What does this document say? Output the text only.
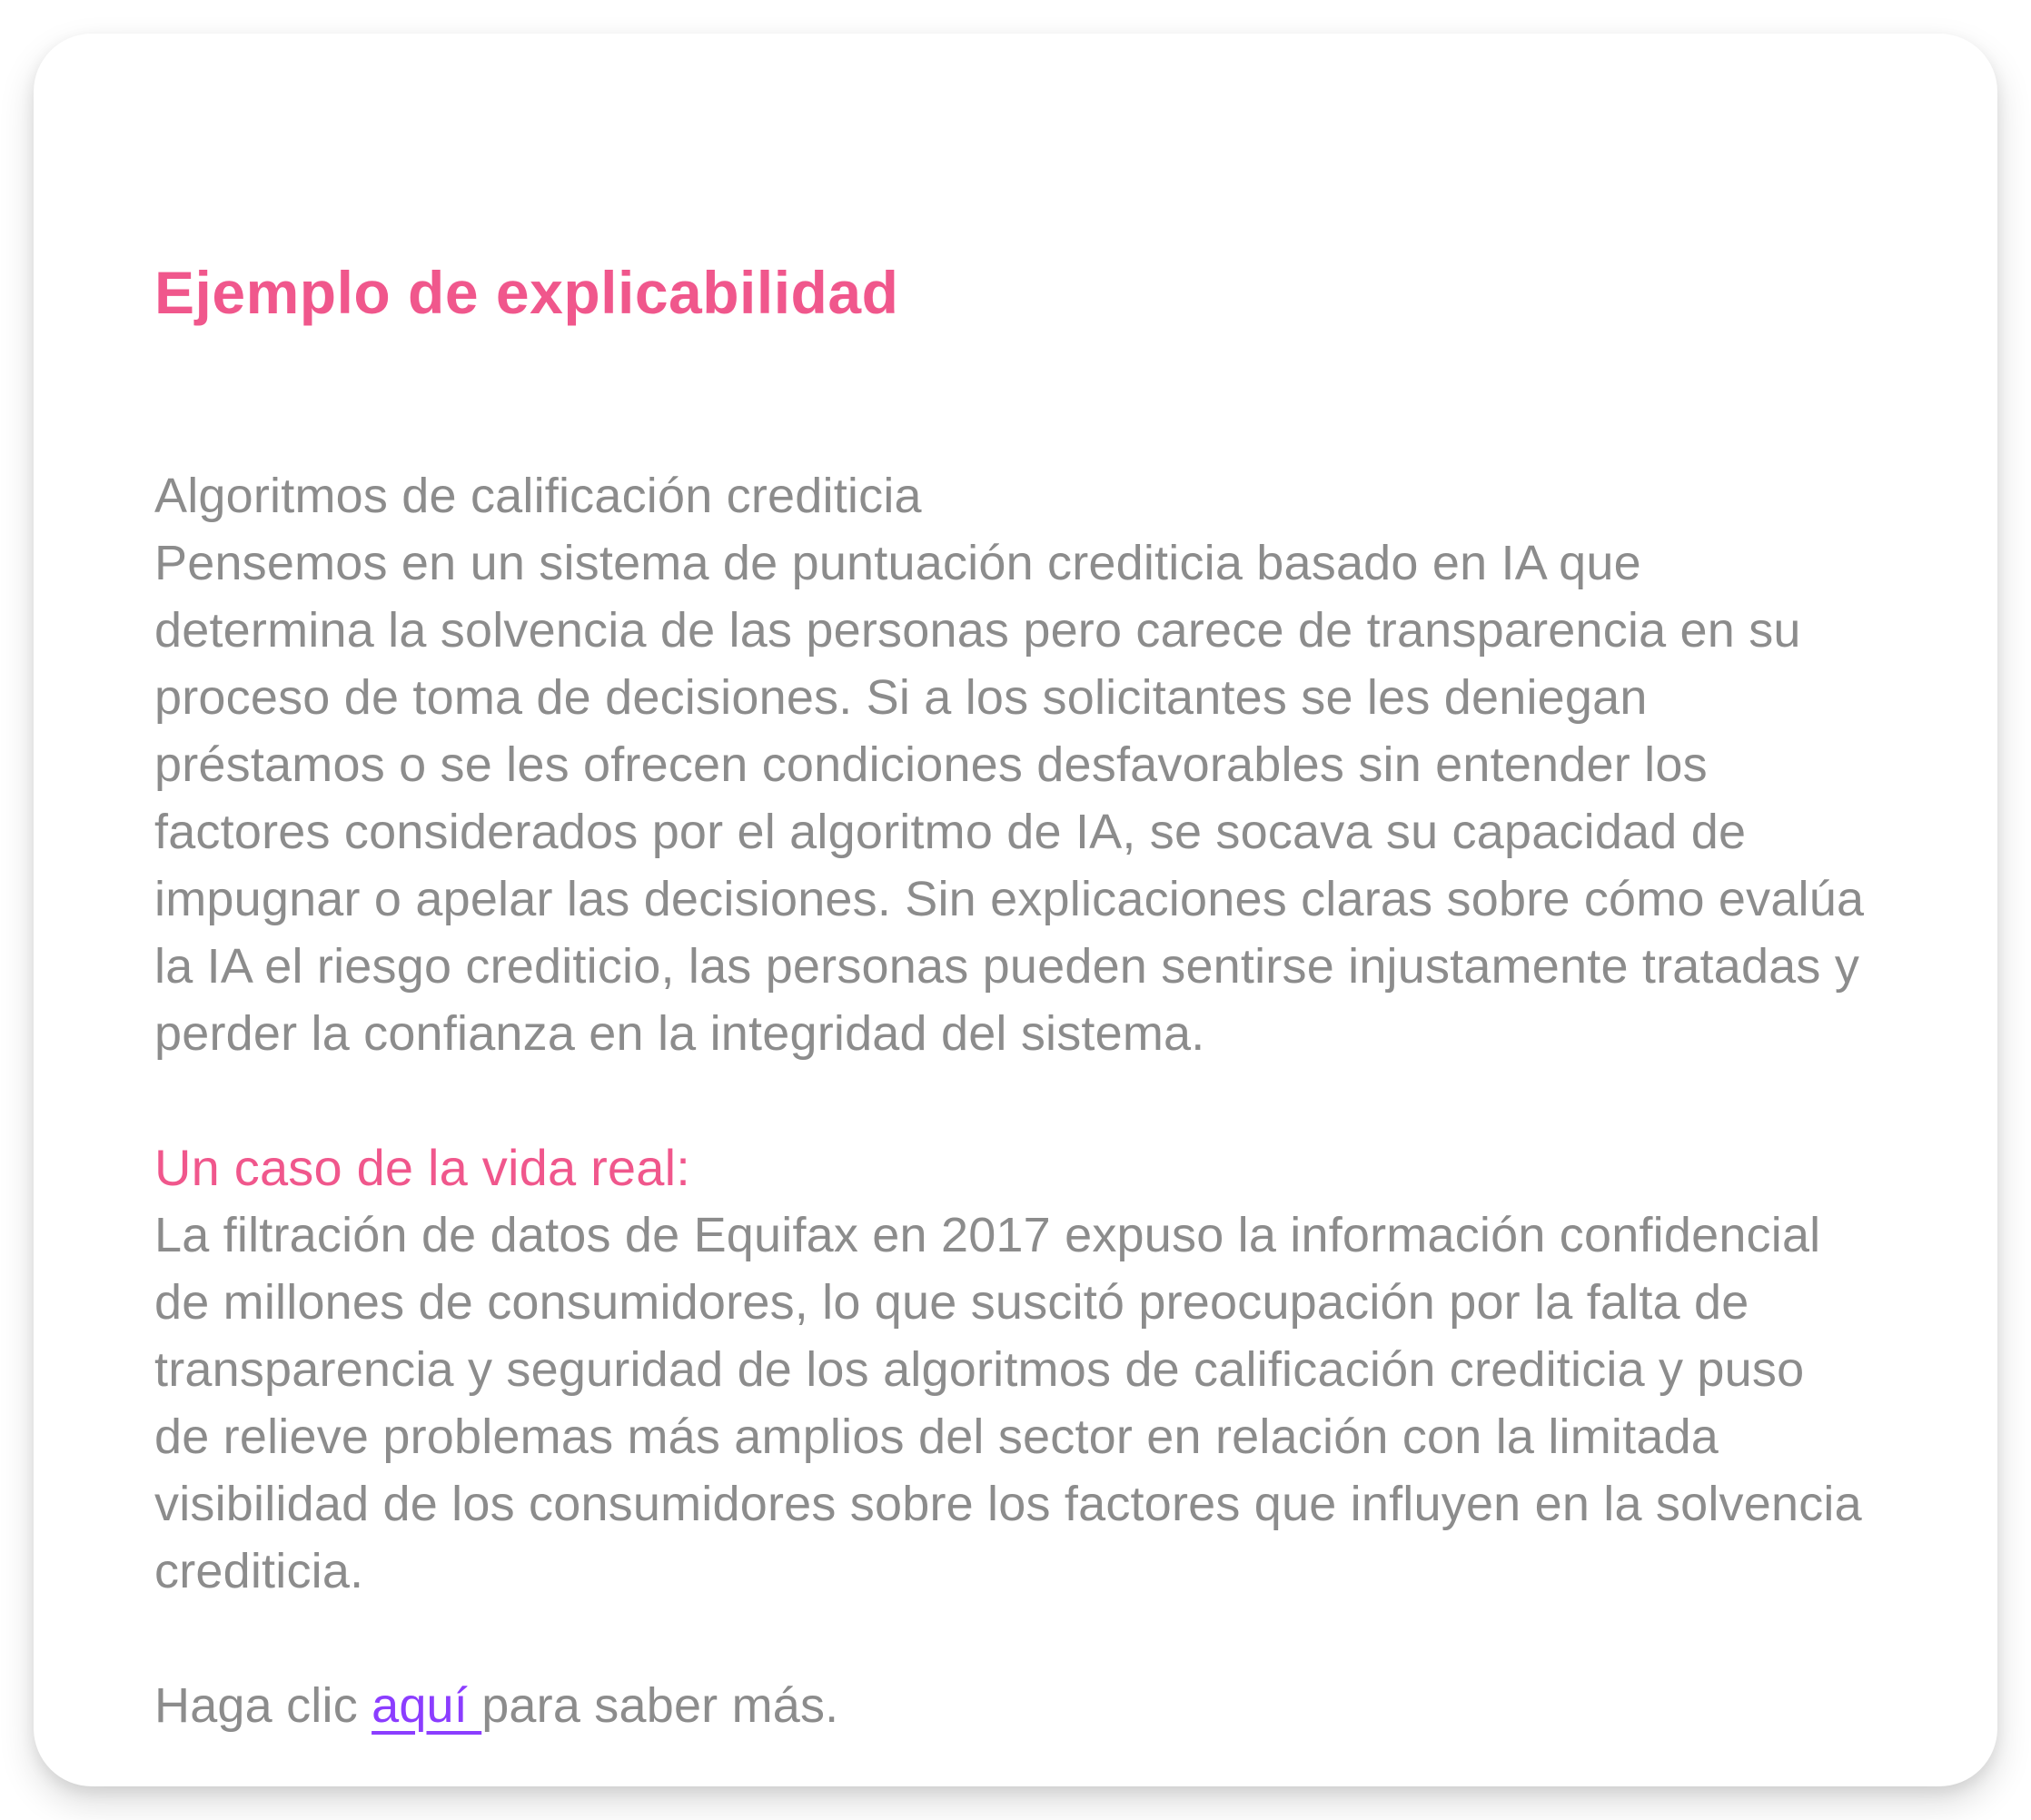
Ejemplo de explicabilidad

Algoritmos de calificación crediticia

Pensemos en un sistema de puntuación crediticia basado en IA que determina la solvencia de las personas pero carece de transparencia en su proceso de toma de decisiones. Si a los solicitantes se les deniegan préstamos o se les ofrecen condiciones desfavorables sin entender los factores considerados por el algoritmo de IA, se socava su capacidad de impugnar o apelar las decisiones. Sin explicaciones claras sobre cómo evalúa la IA el riesgo crediticio, las personas pueden sentirse injustamente tratadas y perder la confianza en la integridad del sistema.

Un caso de la vida real:

La filtración de datos de Equifax en 2017 expuso la información confidencial de millones de consumidores, lo que suscitó preocupación por la falta de transparencia y seguridad de los algoritmos de calificación crediticia y puso de relieve problemas más amplios del sector en relación con la limitada visibilidad de los consumidores sobre los factores que influyen en la solvencia crediticia.

Haga clic aquí para saber más.
